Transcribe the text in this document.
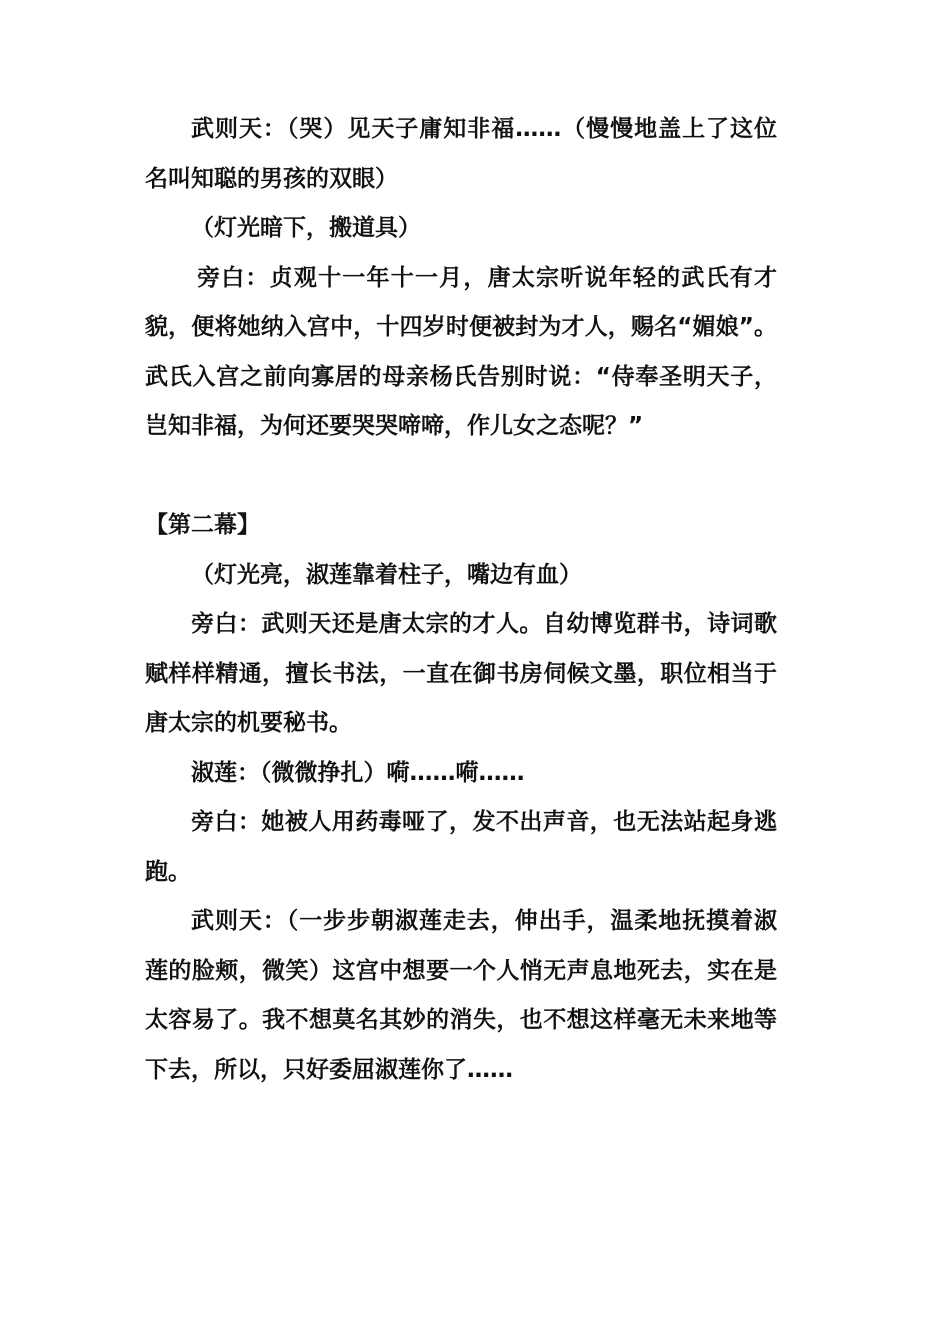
武则天：（哭）见天子庸知非福……（慢慢地盖上了这位名叫知聪的男孩的双眼）

（灯光暗下，搬道具）

旁白：贞观十一年十一月，唐太宗听说年轻的武氏有才貌，便将她纳入宫中，十四岁时便被封为才人，赐名“媚娘”。武氏入宫之前向寡居的母亲杨氏告别时说：“侍奉圣明天子，岂知非福，为何还要哭哭啼啼，作儿女之态呢？”

【第二幕】

（灯光亮，淑莲靠着柱子，嘴边有血）

旁白：武则天还是唐太宗的才人。自幼博览群书，诗词歌赋样样精通，擅长书法，一直在御书房伺候文墨，职位相当于唐太宗的机要秘书。

淑莲：（微微挣扎）嗬……嗬……

旁白：她被人用药毒哑了，发不出声音，也无法站起身逃跑。

武则天：（一步步朝淑莲走去，伸出手，温柔地抚摸着淑莲的脸颊，微笑）这宫中想要一个人悄无声息地死去，实在是太容易了。我不想莫名其妙的消失，也不想这样毫无未来地等下去，所以，只好委屈淑莲你了……
